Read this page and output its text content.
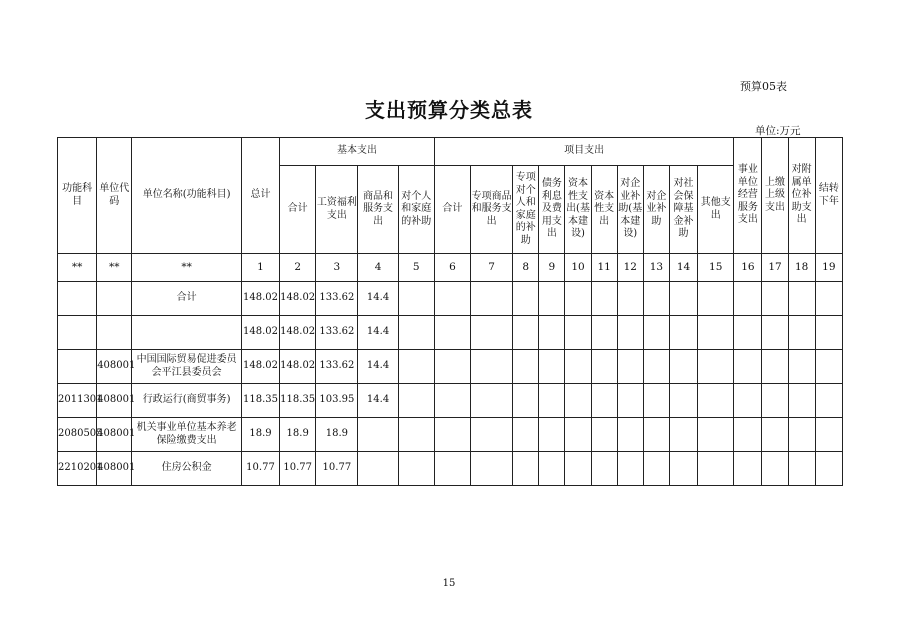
预算05表
支出预算分类总表
单位:万元
功能科目	单位代码	单位名称(功能科目)	总计	基本支出				项目支出										事业单位经营服务支出	上缴上级支出	对附属单位补助支出	结转下年
				合计	工资福利支出	商品和服务支出	对个人和家庭的补助	合计	专项商品和服务支出	专项对个人和家庭的补助	债务利息及费用支出	资本性支出(基本建设)	资本性支出	对企业补助(基本建设)	对企业补助	对社会保障基金补助	其他支出				
**	**	**	1	2	3	4	5	6	7	8	9	10	11	12	13	14	15	16	17	18	19
		合计	148.02	148.02	133.62	14.4															
			148.02	148.02	133.62	14.4															
	408001	中国国际贸易促进委员会平江县委员会	148.02	148.02	133.62	14.4															
2011301	408001	行政运行(商贸事务)	118.35	118.35	103.95	14.4															
2080505	408001	机关事业单位基本养老保险缴费支出	18.9	18.9	18.9																
2210201	408001	住房公积金	10.77	10.77	10.77																
15
